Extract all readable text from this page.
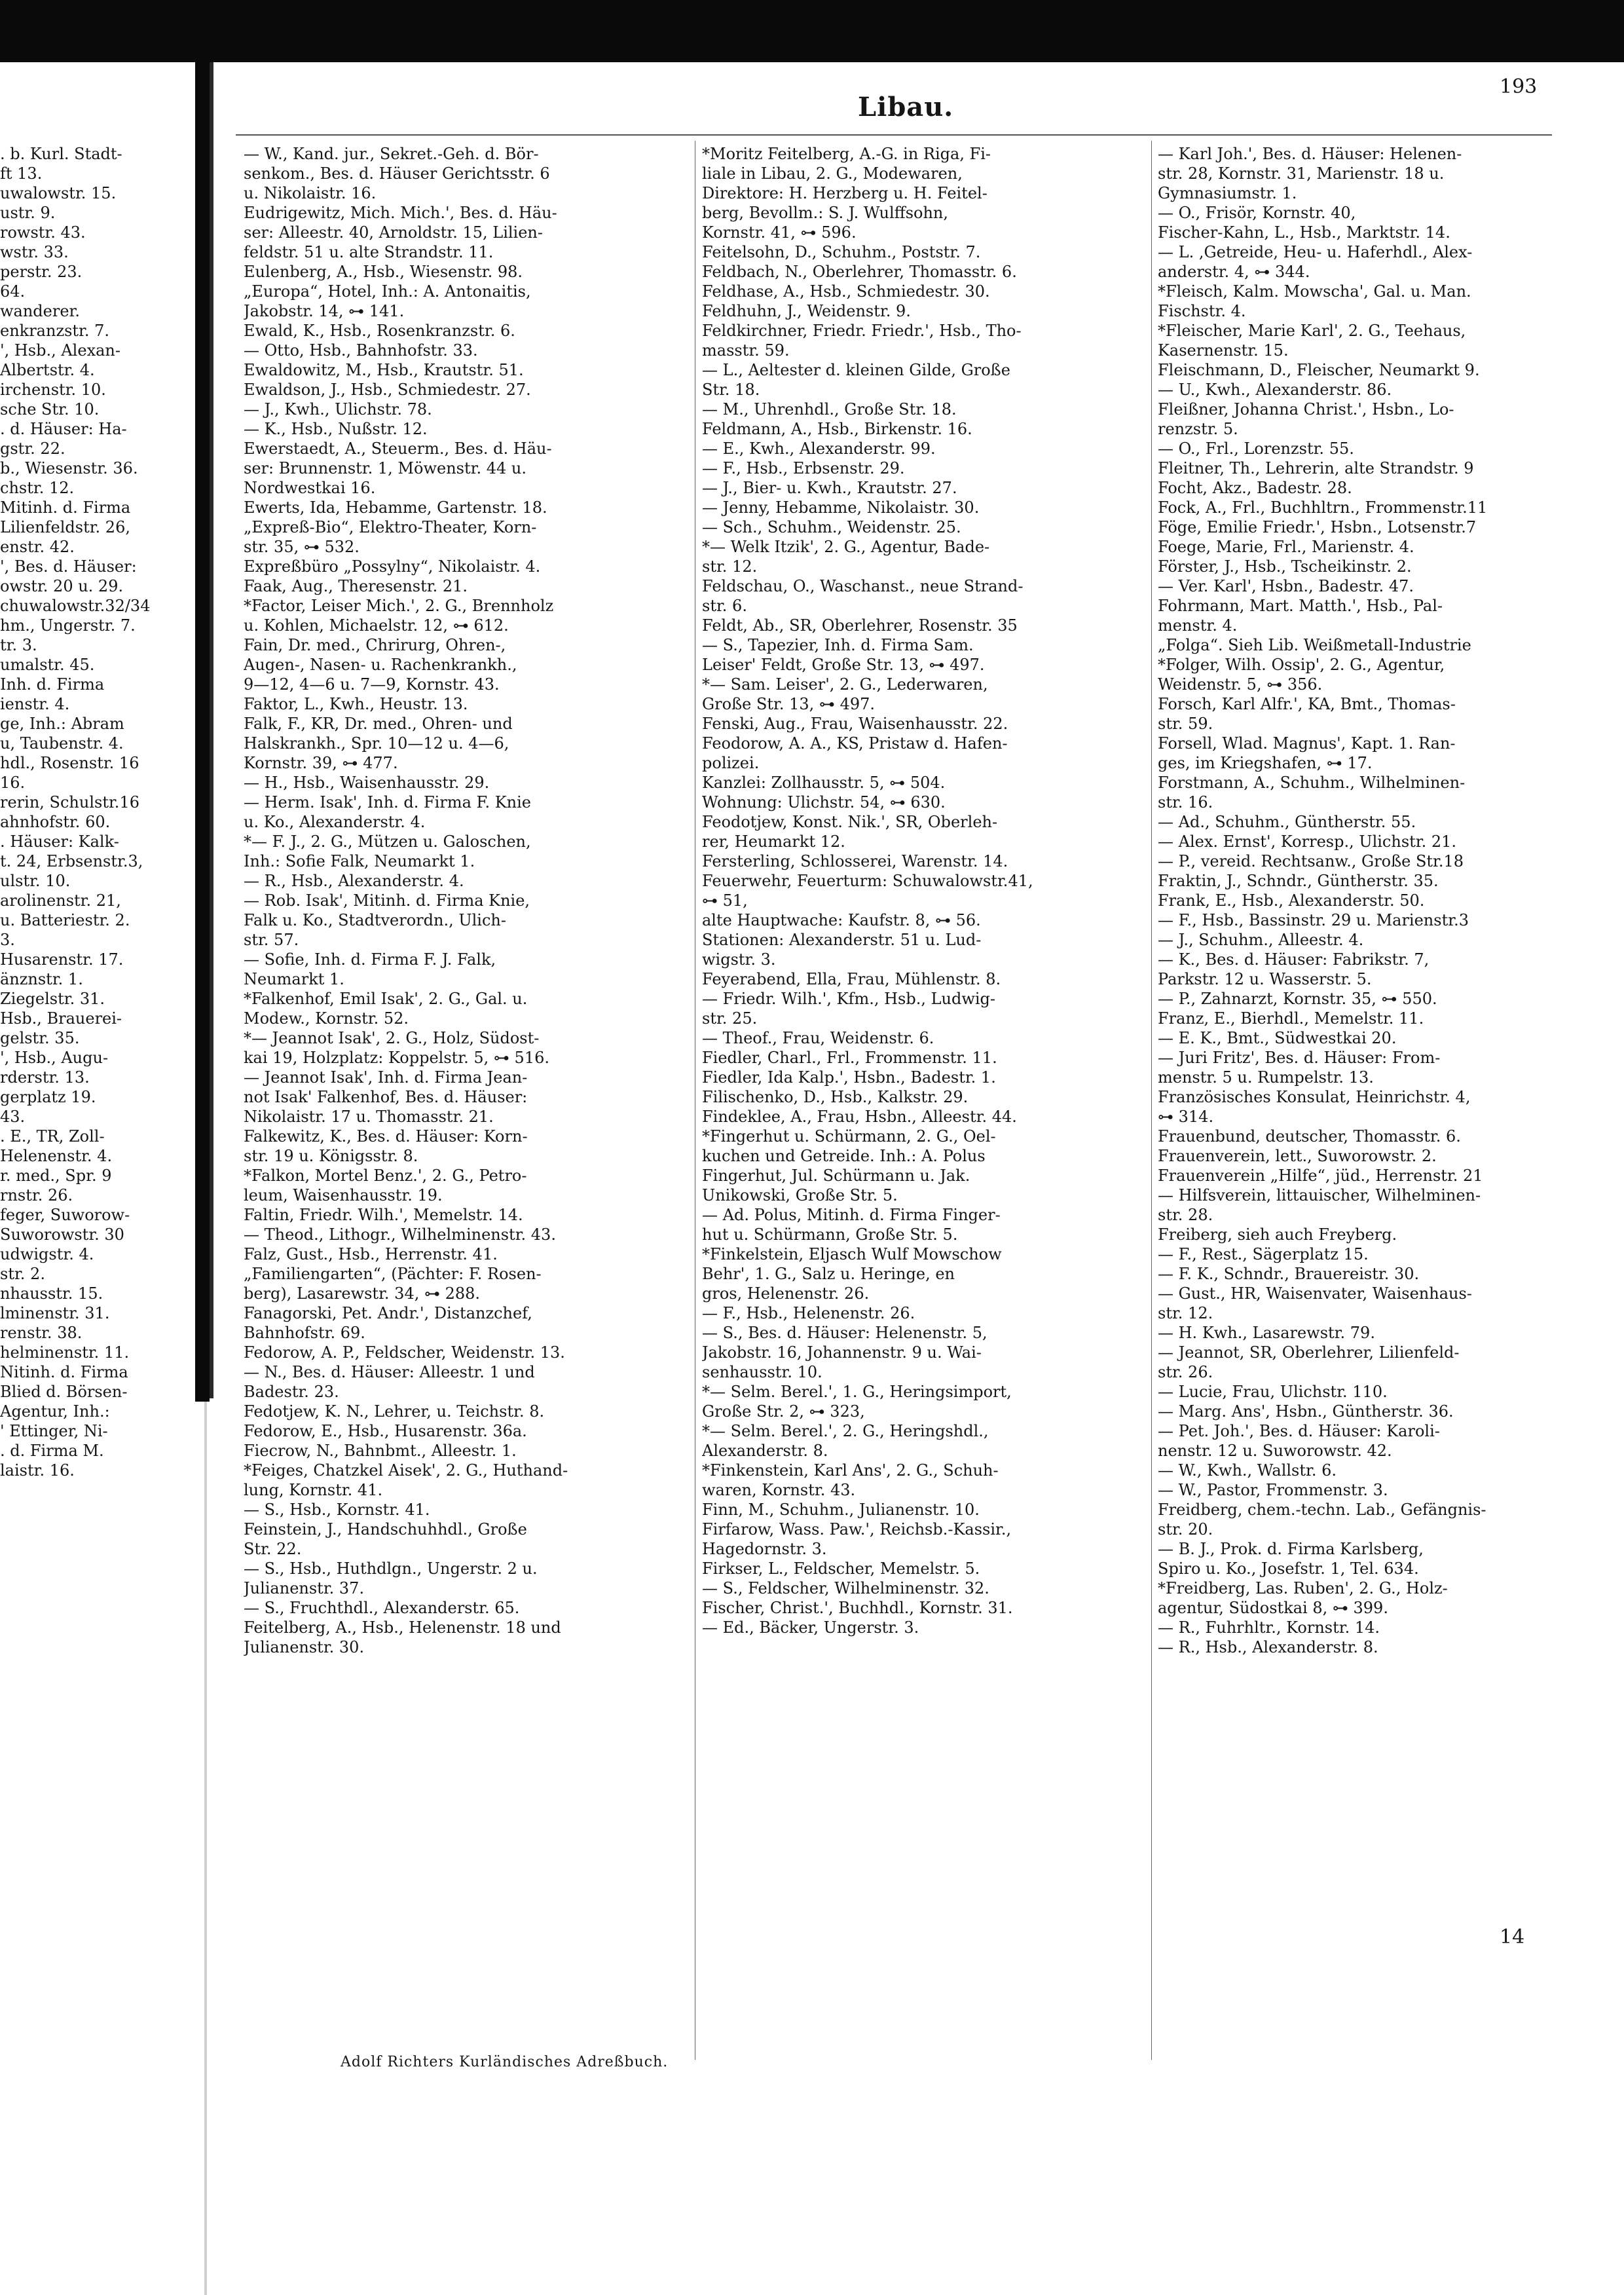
193
Libau.
. b. Kurl. Stadt-
ft 13.
uwalowstr. 15.
ustr. 9.
rowstr. 43.
wstr. 33.
perstr. 23.
64.
wanderer.
enkranzstr. 7.
', Hsb., Alexan-
Albertstr. 4.
irchenstr. 10.
sche Str. 10.
. d. Häuser: Ha-
gstr. 22.
b., Wiesenstr. 36.
chstr. 12.
Mitinh. d. Firma
Lilienfeldstr. 26,
enstr. 42.
', Bes. d. Häuser:
owstr. 20 u. 29.
chuwalowstr.32/34
hm., Ungerstr. 7.
tr. 3.
umalstr. 45.
Inh. d. Firma
ienstr. 4.
ge, Inh.: Abram
u, Taubenstr. 4.
hdl., Rosenstr. 16
16.
rerin, Schulstr.16
ahnhofstr. 60.
. Häuser: Kalk-
t. 24, Erbsenstr.3,
ulstr. 10.
arolinenstr. 21,
u. Batteriestr. 2.
3.
Husarenstr. 17.
änznstr. 1.
Ziegelstr. 31.
Hsb., Brauerei-
gelstr. 35.
', Hsb., Augu-
rderstr. 13.
gerplatz 19.
43.
. E., TR, Zoll-
Helenenstr. 4.
r. med., Spr. 9
rnstr. 26.
feger, Suworow-
Suworowstr. 30
udwigstr. 4.
str. 2.
nhausstr. 15.
lminenstr. 31.
renstr. 38.
helminenstr. 11.
Nitinh. d. Firma
Blied d. Börsen-
Agentur, Inh.:
' Ettinger, Ni-
. d. Firma M.
laistr. 16.
— W., Kand. jur., Sekret.-Geh. d. Bör-
senkom., Bes. d. Häuser Gerichtsstr. 6
u. Nikolaistr. 16.
Eudrigewitz, Mich. Mich.', Bes. d. Häu-
ser: Alleestr. 40, Arnoldstr. 15, Lilien-
feldstr. 51 u. alte Strandstr. 11.
Eulenberg, A., Hsb., Wiesenstr. 98.
„Europa“, Hotel, Inh.: A. Antonaitis,
Jakobstr. 14, ⊶ 141.
Ewald, K., Hsb., Rosenkranzstr. 6.
— Otto, Hsb., Bahnhofstr. 33.
Ewaldowitz, M., Hsb., Krautstr. 51.
Ewaldson, J., Hsb., Schmiedestr. 27.
— J., Kwh., Ulichstr. 78.
— K., Hsb., Nußstr. 12.
Ewerstaedt, A., Steuerm., Bes. d. Häu-
ser: Brunnenstr. 1, Möwenstr. 44 u.
Nordwestkai 16.
Ewerts, Ida, Hebamme, Gartenstr. 18.
„Expreß-Bio“, Elektro-Theater, Korn-
str. 35, ⊶ 532.
Expreßbüro „Possylny“, Nikolaistr. 4.
Faak, Aug., Theresenstr. 21.
*Factor, Leiser Mich.', 2. G., Brennholz
u. Kohlen, Michaelstr. 12, ⊶ 612.
Fain, Dr. med., Chrirurg, Ohren-,
Augen-, Nasen- u. Rachenkrankh.,
9—12, 4—6 u. 7—9, Kornstr. 43.
Faktor, L., Kwh., Heustr. 13.
Falk, F., KR, Dr. med., Ohren- und
Halskrankh., Spr. 10—12 u. 4—6,
Kornstr. 39, ⊶ 477.
— H., Hsb., Waisenhausstr. 29.
— Herm. Isak', Inh. d. Firma F. Knie
u. Ko., Alexanderstr. 4.
*— F. J., 2. G., Mützen u. Galoschen,
Inh.: Sofie Falk, Neumarkt 1.
— R., Hsb., Alexanderstr. 4.
— Rob. Isak', Mitinh. d. Firma Knie,
Falk u. Ko., Stadtverordn., Ulich-
str. 57.
— Sofie, Inh. d. Firma F. J. Falk,
Neumarkt 1.
*Falkenhof, Emil Isak', 2. G., Gal. u.
Modew., Kornstr. 52.
*— Jeannot Isak', 2. G., Holz, Südost-
kai 19, Holzplatz: Koppelstr. 5, ⊶ 516.
— Jeannot Isak', Inh. d. Firma Jean-
not Isak' Falkenhof, Bes. d. Häuser:
Nikolaistr. 17 u. Thomasstr. 21.
Falkewitz, K., Bes. d. Häuser: Korn-
str. 19 u. Königsstr. 8.
*Falkon, Mortel Benz.', 2. G., Petro-
leum, Waisenhausstr. 19.
Faltin, Friedr. Wilh.', Memelstr. 14.
— Theod., Lithogr., Wilhelminenstr. 43.
Falz, Gust., Hsb., Herrenstr. 41.
„Familiengarten“, (Pächter: F. Rosen-
berg), Lasarewstr. 34, ⊶ 288.
Fanagorski, Pet. Andr.', Distanzchef,
Bahnhofstr. 69.
Fedorow, A. P., Feldscher, Weidenstr. 13.
— N., Bes. d. Häuser: Alleestr. 1 und
Badestr. 23.
Fedotjew, K. N., Lehrer, u. Teichstr. 8.
Fedorow, E., Hsb., Husarenstr. 36a.
Fiecrow, N., Bahnbmt., Alleestr. 1.
*Feiges, Chatzkel Aisek', 2. G., Huthand-
lung, Kornstr. 41.
— S., Hsb., Kornstr. 41.
Feinstein, J., Handschuhhdl., Große
Str. 22.
— S., Hsb., Huthdlgn., Ungerstr. 2 u.
Julianenstr. 37.
— S., Fruchthdl., Alexanderstr. 65.
Feitelberg, A., Hsb., Helenenstr. 18 und
Julianenstr. 30.
*Moritz Feitelberg, A.-G. in Riga, Fi-
liale in Libau, 2. G., Modewaren,
Direktore: H. Herzberg u. H. Feitel-
berg, Bevollm.: S. J. Wulffsohn,
Kornstr. 41, ⊶ 596.
Feitelsohn, D., Schuhm., Poststr. 7.
Feldbach, N., Oberlehrer, Thomasstr. 6.
Feldhase, A., Hsb., Schmiedestr. 30.
Feldhuhn, J., Weidenstr. 9.
Feldkirchner, Friedr. Friedr.', Hsb., Tho-
masstr. 59.
— L., Aeltester d. kleinen Gilde, Große
Str. 18.
— M., Uhrenhdl., Große Str. 18.
Feldmann, A., Hsb., Birkenstr. 16.
— E., Kwh., Alexanderstr. 99.
— F., Hsb., Erbsenstr. 29.
— J., Bier- u. Kwh., Krautstr. 27.
— Jenny, Hebamme, Nikolaistr. 30.
— Sch., Schuhm., Weidenstr. 25.
*— Welk Itzik', 2. G., Agentur, Bade-
str. 12.
Feldschau, O., Waschanst., neue Strand-
str. 6.
Feldt, Ab., SR, Oberlehrer, Rosenstr. 35
— S., Tapezier, Inh. d. Firma Sam.
Leiser' Feldt, Große Str. 13, ⊶ 497.
*— Sam. Leiser', 2. G., Lederwaren,
Große Str. 13, ⊶ 497.
Fenski, Aug., Frau, Waisenhausstr. 22.
Feodorow, A. A., KS, Pristaw d. Hafen-
polizei.
Kanzlei: Zollhausstr. 5, ⊶ 504.
Wohnung: Ulichstr. 54, ⊶ 630.
Feodotjew, Konst. Nik.', SR, Oberleh-
rer, Heumarkt 12.
Fersterling, Schlosserei, Warenstr. 14.
Feuerwehr, Feuerturm: Schuwalowstr.41,
⊶ 51,
alte Hauptwache: Kaufstr. 8, ⊶ 56.
Stationen: Alexanderstr. 51 u. Lud-
wigstr. 3.
Feyerabend, Ella, Frau, Mühlenstr. 8.
— Friedr. Wilh.', Kfm., Hsb., Ludwig-
str. 25.
— Theof., Frau, Weidenstr. 6.
Fiedler, Charl., Frl., Frommenstr. 11.
Fiedler, Ida Kalp.', Hsbn., Badestr. 1.
Filischenko, D., Hsb., Kalkstr. 29.
Findeklee, A., Frau, Hsbn., Alleestr. 44.
*Fingerhut u. Schürmann, 2. G., Oel-
kuchen und Getreide. Inh.: A. Polus
Fingerhut, Jul. Schürmann u. Jak.
Unikowski, Große Str. 5.
— Ad. Polus, Mitinh. d. Firma Finger-
hut u. Schürmann, Große Str. 5.
*Finkelstein, Eljasch Wulf Mowschow
Behr', 1. G., Salz u. Heringe, en
gros, Helenenstr. 26.
— F., Hsb., Helenenstr. 26.
— S., Bes. d. Häuser: Helenenstr. 5,
Jakobstr. 16, Johannenstr. 9 u. Wai-
senhausstr. 10.
*— Selm. Berel.', 1. G., Heringsimport,
Große Str. 2, ⊶ 323,
*— Selm. Berel.', 2. G., Heringshdl.,
Alexanderstr. 8.
*Finkenstein, Karl Ans', 2. G., Schuh-
waren, Kornstr. 43.
Finn, M., Schuhm., Julianenstr. 10.
Firfarow, Wass. Paw.', Reichsb.-Kassir.,
Hagedornstr. 3.
Firkser, L., Feldscher, Memelstr. 5.
— S., Feldscher, Wilhelminenstr. 32.
Fischer, Christ.', Buchhdl., Kornstr. 31.
— Ed., Bäcker, Ungerstr. 3.
— Karl Joh.', Bes. d. Häuser: Helenen-
str. 28, Kornstr. 31, Marienstr. 18 u.
Gymnasiumstr. 1.
— O., Frisör, Kornstr. 40,
Fischer-Kahn, L., Hsb., Marktstr. 14.
— L. ,Getreide, Heu- u. Haferhdl., Alex-
anderstr. 4, ⊶ 344.
*Fleisch, Kalm. Mowscha', Gal. u. Man.
Fischstr. 4.
*Fleischer, Marie Karl', 2. G., Teehaus,
Kasernenstr. 15.
Fleischmann, D., Fleischer, Neumarkt 9.
— U., Kwh., Alexanderstr. 86.
Fleißner, Johanna Christ.', Hsbn., Lo-
renzstr. 5.
— O., Frl., Lorenzstr. 55.
Fleitner, Th., Lehrerin, alte Strandstr. 9
Focht, Akz., Badestr. 28.
Fock, A., Frl., Buchhltrn., Frommenstr.11
Föge, Emilie Friedr.', Hsbn., Lotsenstr.7
Foege, Marie, Frl., Marienstr. 4.
Förster, J., Hsb., Tscheikinstr. 2.
— Ver. Karl', Hsbn., Badestr. 47.
Fohrmann, Mart. Matth.', Hsb., Pal-
menstr. 4.
„Folga“. Sieh Lib. Weißmetall-Industrie
*Folger, Wilh. Ossip', 2. G., Agentur,
Weidenstr. 5, ⊶ 356.
Forsch, Karl Alfr.', KA, Bmt., Thomas-
str. 59.
Forsell, Wlad. Magnus', Kapt. 1. Ran-
ges, im Kriegshafen, ⊶ 17.
Forstmann, A., Schuhm., Wilhelminen-
str. 16.
— Ad., Schuhm., Güntherstr. 55.
— Alex. Ernst', Korresp., Ulichstr. 21.
— P., vereid. Rechtsanw., Große Str.18
Fraktin, J., Schndr., Güntherstr. 35.
Frank, E., Hsb., Alexanderstr. 50.
— F., Hsb., Bassinstr. 29 u. Marienstr.3
— J., Schuhm., Alleestr. 4.
— K., Bes. d. Häuser: Fabrikstr. 7,
Parkstr. 12 u. Wasserstr. 5.
— P., Zahnarzt, Kornstr. 35, ⊶ 550.
Franz, E., Bierhdl., Memelstr. 11.
— E. K., Bmt., Südwestkai 20.
— Juri Fritz', Bes. d. Häuser: From-
menstr. 5 u. Rumpelstr. 13.
Französisches Konsulat, Heinrichstr. 4,
⊶ 314.
Frauenbund, deutscher, Thomasstr. 6.
Frauenverein, lett., Suworowstr. 2.
Frauenverein „Hilfe“, jüd., Herrenstr. 21
— Hilfsverein, littauischer, Wilhelminen-
str. 28.
Freiberg, sieh auch Freyberg.
— F., Rest., Sägerplatz 15.
— F. K., Schndr., Brauereistr. 30.
— Gust., HR, Waisenvater, Waisenhaus-
str. 12.
— H. Kwh., Lasarewstr. 79.
— Jeannot, SR, Oberlehrer, Lilienfeld-
str. 26.
— Lucie, Frau, Ulichstr. 110.
— Marg. Ans', Hsbn., Güntherstr. 36.
— Pet. Joh.', Bes. d. Häuser: Karoli-
nenstr. 12 u. Suworowstr. 42.
— W., Kwh., Wallstr. 6.
— W., Pastor, Frommenstr. 3.
Freidberg, chem.-techn. Lab., Gefängnis-
str. 20.
— B. J., Prok. d. Firma Karlsberg,
Spiro u. Ko., Josefstr. 1, Tel. 634.
*Freidberg, Las. Ruben', 2. G., Holz-
agentur, Südostkai 8, ⊶ 399.
— R., Fuhrhltr., Kornstr. 14.
— R., Hsb., Alexanderstr. 8.
14
Adolf Richters Kurländisches Adreßbuch.
